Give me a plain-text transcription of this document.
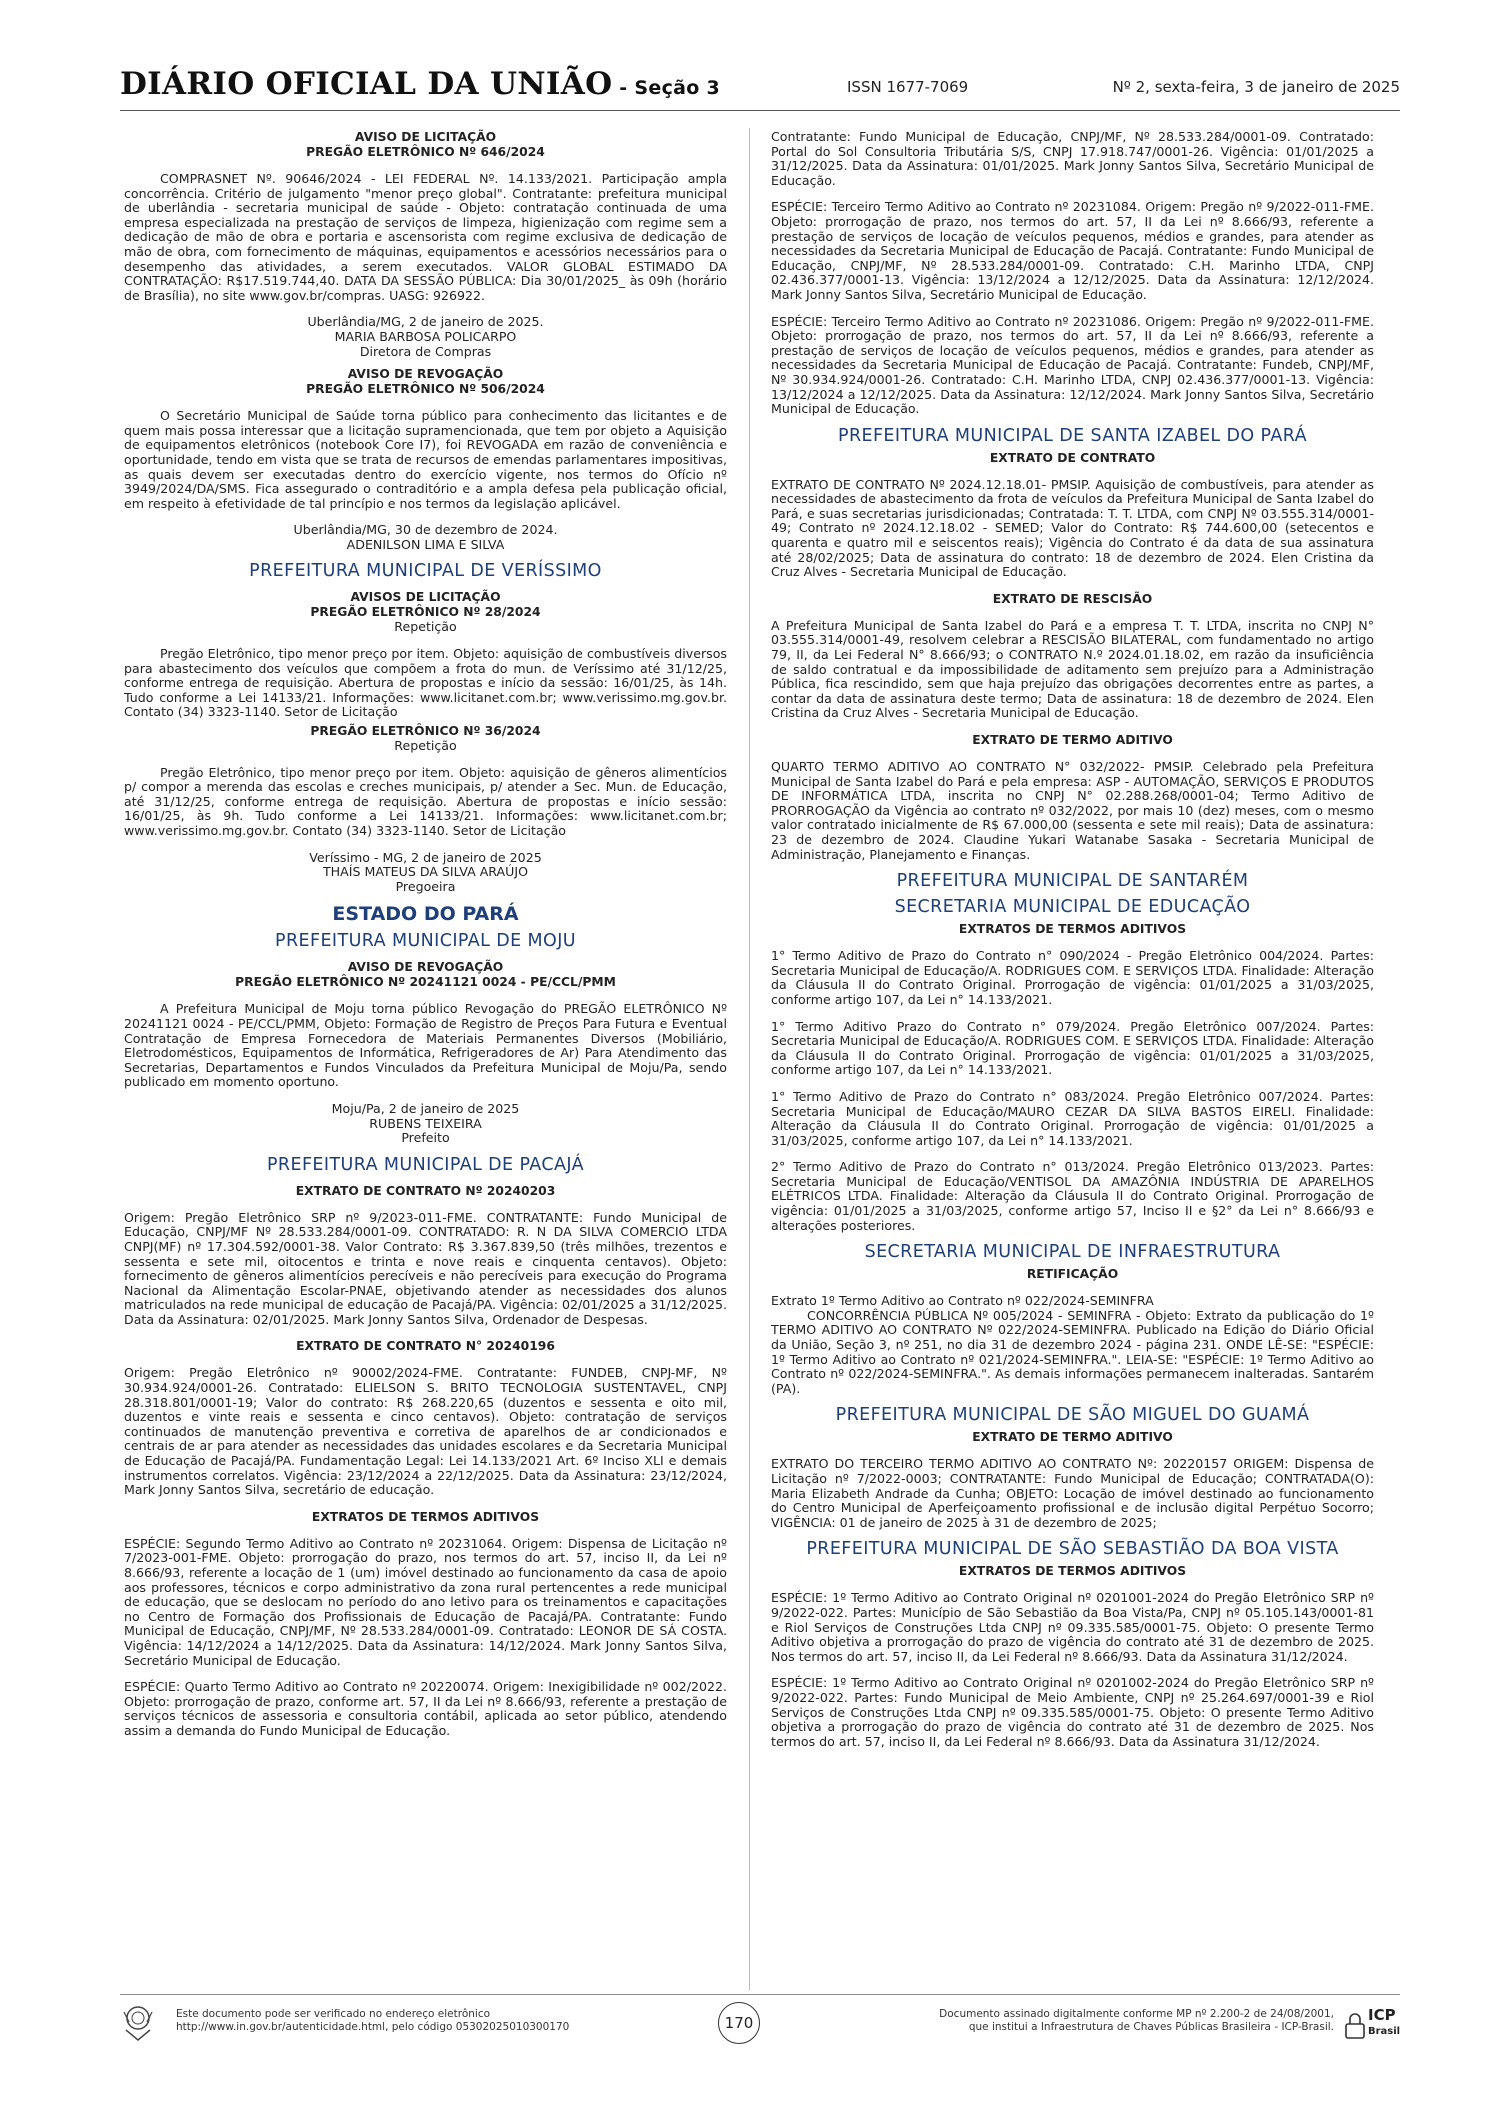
DIÁRIO OFICIAL DA UNIÃO - Seção 3	ISSN 1677-7069	Nº 2, sexta-feira, 3 de janeiro de 2025

AVISO DE LICITAÇÃO

PREGÃO ELETRÔNICO Nº 646/2024

COMPRASNET Nº. 90646/2024 - LEI FEDERAL Nº. 14.133/2021. Participação ampla concorrência. Critério de julgamento "menor preço global". Contratante: prefeitura municipal de uberlândia - secretaria municipal de saúde - Objeto: contratação continuada de uma empresa especializada na prestação de serviços de limpeza, higienização com regime sem a dedicação de mão de obra e portaria e ascensorista com regime exclusiva de dedicação de mão de obra, com fornecimento de máquinas, equipamentos e acessórios necessários para o desempenho das atividades, a serem executados. VALOR GLOBAL ESTIMADO DA CONTRATAÇÃO: R$17.519.744,40. DATA DA SESSÃO PÚBLICA: Dia 30/01/2025_ às 09h (horário de Brasília), no site www.gov.br/compras. UASG: 926922.

Uberlândia/MG, 2 de janeiro de 2025.

MARIA BARBOSA POLICARPO

Diretora de Compras

AVISO DE REVOGAÇÃO

PREGÃO ELETRÔNICO Nº 506/2024

O Secretário Municipal de Saúde torna público para conhecimento das licitantes e de quem mais possa interessar que a licitação supramencionada, que tem por objeto a Aquisição de equipamentos eletrônicos (notebook Core I7), foi REVOGADA em razão de conveniência e oportunidade, tendo em vista que se trata de recursos de emendas parlamentares impositivas, as quais devem ser executadas dentro do exercício vigente, nos termos do Ofício nº 3949/2024/DA/SMS. Fica assegurado o contraditório e a ampla defesa pela publicação oficial, em respeito à efetividade de tal princípio e nos termos da legislação aplicável.

Uberlândia/MG, 30 de dezembro de 2024.

ADENILSON LIMA E SILVA

PREFEITURA MUNICIPAL DE VERÍSSIMO

AVISOS DE LICITAÇÃO

PREGÃO ELETRÔNICO Nº 28/2024

Repetição

Pregão Eletrônico, tipo menor preço por item. Objeto: aquisição de combustíveis diversos para abastecimento dos veículos que compõem a frota do mun. de Veríssimo até 31/12/25, conforme entrega de requisição. Abertura de propostas e início da sessão: 16/01/25, às 14h. Tudo conforme a Lei 14133/21. Informações: www.licitanet.com.br; www.verissimo.mg.gov.br. Contato (34) 3323-1140. Setor de Licitação

PREGÃO ELETRÔNICO Nº 36/2024

Repetição

Pregão Eletrônico, tipo menor preço por item. Objeto: aquisição de gêneros alimentícios p/ compor a merenda das escolas e creches municipais, p/ atender a Sec. Mun. de Educação, até 31/12/25, conforme entrega de requisição. Abertura de propostas e início sessão: 16/01/25, às 9h. Tudo conforme a Lei 14133/21. Informações: www.licitanet.com.br; www.verissimo.mg.gov.br. Contato (34) 3323-1140. Setor de Licitação

Veríssimo - MG, 2 de janeiro de 2025

THAÍS MATEUS DA SILVA ARAÚJO

Pregoeira

ESTADO DO PARÁ

PREFEITURA MUNICIPAL DE MOJU

AVISO DE REVOGAÇÃO

PREGÃO ELETRÔNICO Nº 20241121 0024 - PE/CCL/PMM

A Prefeitura Municipal de Moju torna público Revogação do PREGÃO ELETRÔNICO Nº 20241121 0024 - PE/CCL/PMM, Objeto: Formação de Registro de Preços Para Futura e Eventual Contratação de Empresa Fornecedora de Materiais Permanentes Diversos (Mobiliário, Eletrodomésticos, Equipamentos de Informática, Refrigeradores de Ar) Para Atendimento das Secretarias, Departamentos e Fundos Vinculados da Prefeitura Municipal de Moju/Pa, sendo publicado em momento oportuno.

Moju/Pa, 2 de janeiro de 2025

RUBENS TEIXEIRA

Prefeito

PREFEITURA MUNICIPAL DE PACAJÁ

EXTRATO DE CONTRATO Nº 20240203

Origem: Pregão Eletrônico SRP nº 9/2023-011-FME. CONTRATANTE: Fundo Municipal de Educação, CNPJ/MF Nº 28.533.284/0001-09. CONTRATADO: R. N DA SILVA COMERCIO LTDA CNPJ(MF) nº 17.304.592/0001-38. Valor Contrato: R$ 3.367.839,50 (três milhões, trezentos e sessenta e sete mil, oitocentos e trinta e nove reais e cinquenta centavos). Objeto: fornecimento de gêneros alimentícios perecíveis e não perecíveis para execução do Programa Nacional da Alimentação Escolar-PNAE, objetivando atender as necessidades dos alunos matriculados na rede municipal de educação de Pacajá/PA. Vigência: 02/01/2025 a 31/12/2025. Data da Assinatura: 02/01/2025. Mark Jonny Santos Silva, Ordenador de Despesas.

EXTRATO DE CONTRATO N° 20240196

Origem: Pregão Eletrônico nº 90002/2024-FME. Contratante: FUNDEB, CNPJ-MF, Nº 30.934.924/0001-26. Contratado: ELIELSON S. BRITO TECNOLOGIA SUSTENTAVEL, CNPJ 28.318.801/0001-19; Valor do contrato: R$ 268.220,65 (duzentos e sessenta e oito mil, duzentos e vinte reais e sessenta e cinco centavos). Objeto: contratação de serviços continuados de manutenção preventiva e corretiva de aparelhos de ar condicionados e centrais de ar para atender as necessidades das unidades escolares e da Secretaria Municipal de Educação de Pacajá/PA. Fundamentação Legal: Lei 14.133/2021 Art. 6º Inciso XLI e demais instrumentos correlatos. Vigência: 23/12/2024 a 22/12/2025. Data da Assinatura: 23/12/2024, Mark Jonny Santos Silva, secretário de educação.

EXTRATOS DE TERMOS ADITIVOS

ESPÉCIE: Segundo Termo Aditivo ao Contrato nº 20231064. Origem: Dispensa de Licitação nº 7/2023-001-FME. Objeto: prorrogação do prazo, nos termos do art. 57, inciso II, da Lei nº 8.666/93, referente a locação de 1 (um) imóvel destinado ao funcionamento da casa de apoio aos professores, técnicos e corpo administrativo da zona rural pertencentes a rede municipal de educação, que se deslocam no período do ano letivo para os treinamentos e capacitações no Centro de Formação dos Profissionais de Educação de Pacajá/PA. Contratante: Fundo Municipal de Educação, CNPJ/MF, Nº 28.533.284/0001-09. Contratado: LEONOR DE SÁ COSTA. Vigência: 14/12/2024 a 14/12/2025. Data da Assinatura: 14/12/2024. Mark Jonny Santos Silva, Secretário Municipal de Educação.

ESPÉCIE: Quarto Termo Aditivo ao Contrato nº 20220074. Origem: Inexigibilidade nº 002/2022. Objeto: prorrogação de prazo, conforme art. 57, II da Lei nº 8.666/93, referente a prestação de serviços técnicos de assessoria e consultoria contábil, aplicada ao setor público, atendendo assim a demanda do Fundo Municipal de Educação.

Contratante: Fundo Municipal de Educação, CNPJ/MF, Nº 28.533.284/0001-09. Contratado: Portal do Sol Consultoria Tributária S/S, CNPJ 17.918.747/0001-26. Vigência: 01/01/2025 a 31/12/2025. Data da Assinatura: 01/01/2025. Mark Jonny Santos Silva, Secretário Municipal de Educação.

ESPÉCIE: Terceiro Termo Aditivo ao Contrato nº 20231084. Origem: Pregão nº 9/2022-011-FME. Objeto: prorrogação de prazo, nos termos do art. 57, II da Lei nº 8.666/93, referente a prestação de serviços de locação de veículos pequenos, médios e grandes, para atender as necessidades da Secretaria Municipal de Educação de Pacajá. Contratante: Fundo Municipal de Educação, CNPJ/MF, Nº 28.533.284/0001-09. Contratado: C.H. Marinho LTDA, CNPJ 02.436.377/0001-13. Vigência: 13/12/2024 a 12/12/2025. Data da Assinatura: 12/12/2024. Mark Jonny Santos Silva, Secretário Municipal de Educação.

ESPÉCIE: Terceiro Termo Aditivo ao Contrato nº 20231086. Origem: Pregão nº 9/2022-011-FME. Objeto: prorrogação de prazo, nos termos do art. 57, II da Lei nº 8.666/93, referente a prestação de serviços de locação de veículos pequenos, médios e grandes, para atender as necessidades da Secretaria Municipal de Educação de Pacajá. Contratante: Fundeb, CNPJ/MF, Nº 30.934.924/0001-26. Contratado: C.H. Marinho LTDA, CNPJ 02.436.377/0001-13. Vigência: 13/12/2024 a 12/12/2025. Data da Assinatura: 12/12/2024. Mark Jonny Santos Silva, Secretário Municipal de Educação.

PREFEITURA MUNICIPAL DE SANTA IZABEL DO PARÁ

EXTRATO DE CONTRATO

EXTRATO DE CONTRATO Nº 2024.12.18.01- PMSIP. Aquisição de combustíveis, para atender as necessidades de abastecimento da frota de veículos da Prefeitura Municipal de Santa Izabel do Pará, e suas secretarias jurisdicionadas; Contratada: T. T. LTDA, com CNPJ Nº 03.555.314/0001-49; Contrato nº 2024.12.18.02 - SEMED; Valor do Contrato: R$ 744.600,00 (setecentos e quarenta e quatro mil e seiscentos reais); Vigência do Contrato é da data de sua assinatura até 28/02/2025; Data de assinatura do contrato: 18 de dezembro de 2024. Elen Cristina da Cruz Alves - Secretaria Municipal de Educação.

EXTRATO DE RESCISÃO

A Prefeitura Municipal de Santa Izabel do Pará e a empresa T. T. LTDA, inscrita no CNPJ N° 03.555.314/0001-49, resolvem celebrar a RESCISÃO BILATERAL, com fundamentado no artigo 79, II, da Lei Federal N° 8.666/93; o CONTRATO N.º 2024.01.18.02, em razão da insuficiência de saldo contratual e da impossibilidade de aditamento sem prejuízo para a Administração Pública, fica rescindido, sem que haja prejuízo das obrigações decorrentes entre as partes, a contar da data de assinatura deste termo; Data de assinatura: 18 de dezembro de 2024. Elen Cristina da Cruz Alves - Secretaria Municipal de Educação.

EXTRATO DE TERMO ADITIVO

QUARTO TERMO ADITIVO AO CONTRATO N° 032/2022- PMSIP. Celebrado pela Prefeitura Municipal de Santa Izabel do Pará e pela empresa: ASP - AUTOMAÇÃO, SERVIÇOS E PRODUTOS DE INFORMÁTICA LTDA, inscrita no CNPJ N° 02.288.268/0001-04; Termo Aditivo de PRORROGAÇÃO da Vigência ao contrato nº 032/2022, por mais 10 (dez) meses, com o mesmo valor contratado inicialmente de R$ 67.000,00 (sessenta e sete mil reais); Data de assinatura: 23 de dezembro de 2024. Claudine Yukari Watanabe Sasaka - Secretaria Municipal de Administração, Planejamento e Finanças.

PREFEITURA MUNICIPAL DE SANTARÉM

SECRETARIA MUNICIPAL DE EDUCAÇÃO

EXTRATOS DE TERMOS ADITIVOS

1° Termo Aditivo de Prazo do Contrato n° 090/2024 - Pregão Eletrônico 004/2024. Partes: Secretaria Municipal de Educação/A. RODRIGUES COM. E SERVIÇOS LTDA. Finalidade: Alteração da Cláusula II do Contrato Original. Prorrogação de vigência: 01/01/2025 a 31/03/2025, conforme artigo 107, da Lei n° 14.133/2021.

1° Termo Aditivo Prazo do Contrato n° 079/2024. Pregão Eletrônico 007/2024. Partes: Secretaria Municipal de Educação/A. RODRIGUES COM. E SERVIÇOS LTDA. Finalidade: Alteração da Cláusula II do Contrato Original. Prorrogação de vigência: 01/01/2025 a 31/03/2025, conforme artigo 107, da Lei n° 14.133/2021.

1° Termo Aditivo de Prazo do Contrato n° 083/2024. Pregão Eletrônico 007/2024. Partes: Secretaria Municipal de Educação/MAURO CEZAR DA SILVA BASTOS EIRELI. Finalidade: Alteração da Cláusula II do Contrato Original. Prorrogação de vigência: 01/01/2025 a 31/03/2025, conforme artigo 107, da Lei n° 14.133/2021.

2° Termo Aditivo de Prazo do Contrato n° 013/2024. Pregão Eletrônico 013/2023. Partes: Secretaria Municipal de Educação/VENTISOL DA AMAZÔNIA INDÚSTRIA DE APARELHOS ELÉTRICOS LTDA. Finalidade: Alteração da Cláusula II do Contrato Original. Prorrogação de vigência: 01/01/2025 a 31/03/2025, conforme artigo 57, Inciso II e §2° da Lei n° 8.666/93 e alterações posteriores.

SECRETARIA MUNICIPAL DE INFRAESTRUTURA

RETIFICAÇÃO

Extrato 1º Termo Aditivo ao Contrato nº 022/2024-SEMINFRA

CONCORRÊNCIA PÚBLICA Nº 005/2024 - SEMINFRA - Objeto: Extrato da publicação do 1º TERMO ADITIVO AO CONTRATO Nº 022/2024-SEMINFRA. Publicado na Edição do Diário Oficial da União, Seção 3, nº 251, no dia 31 de dezembro 2024 - página 231. ONDE LÊ-SE: "ESPÉCIE: 1º Termo Aditivo ao Contrato nº 021/2024-SEMINFRA.". LEIA-SE: "ESPÉCIE: 1º Termo Aditivo ao Contrato nº 022/2024-SEMINFRA.". As demais informações permanecem inalteradas. Santarém (PA).

PREFEITURA MUNICIPAL DE SÃO MIGUEL DO GUAMÁ

EXTRATO DE TERMO ADITIVO

EXTRATO DO TERCEIRO TERMO ADITIVO AO CONTRATO Nº: 20220157 ORIGEM: Dispensa de Licitação nº 7/2022-0003; CONTRATANTE: Fundo Municipal de Educação; CONTRATADA(O): Maria Elizabeth Andrade da Cunha; OBJETO: Locação de imóvel destinado ao funcionamento do Centro Municipal de Aperfeiçoamento profissional e de inclusão digital Perpétuo Socorro; VIGÊNCIA: 01 de janeiro de 2025 à 31 de dezembro de 2025;

PREFEITURA MUNICIPAL DE SÃO SEBASTIÃO DA BOA VISTA

EXTRATOS DE TERMOS ADITIVOS

ESPÉCIE: 1º Termo Aditivo ao Contrato Original nº 0201001-2024 do Pregão Eletrônico SRP nº 9/2022-022. Partes: Município de São Sebastião da Boa Vista/Pa, CNPJ nº 05.105.143/0001-81 e Riol Serviços de Construções Ltda CNPJ nº 09.335.585/0001-75. Objeto: O presente Termo Aditivo objetiva a prorrogação do prazo de vigência do contrato até 31 de dezembro de 2025. Nos termos do art. 57, inciso II, da Lei Federal nº 8.666/93. Data da Assinatura 31/12/2024.

ESPÉCIE: 1º Termo Aditivo ao Contrato Original nº 0201002-2024 do Pregão Eletrônico SRP nº 9/2022-022. Partes: Fundo Municipal de Meio Ambiente, CNPJ nº 25.264.697/0001-39 e Riol Serviços de Construções Ltda CNPJ nº 09.335.585/0001-75. Objeto: O presente Termo Aditivo objetiva a prorrogação do prazo de vigência do contrato até 31 de dezembro de 2025. Nos termos do art. 57, inciso II, da Lei Federal nº 8.666/93. Data da Assinatura 31/12/2024.

Este documento pode ser verificado no endereço eletrônico
http://www.in.gov.br/autenticidade.html, pelo código 05302025010300170	170	Documento assinado digitalmente conforme MP nº 2.200-2 de 24/08/2001,
que institui a Infraestrutura de Chaves Públicas Brasileira - ICP-Brasil.
ICP
Brasil
